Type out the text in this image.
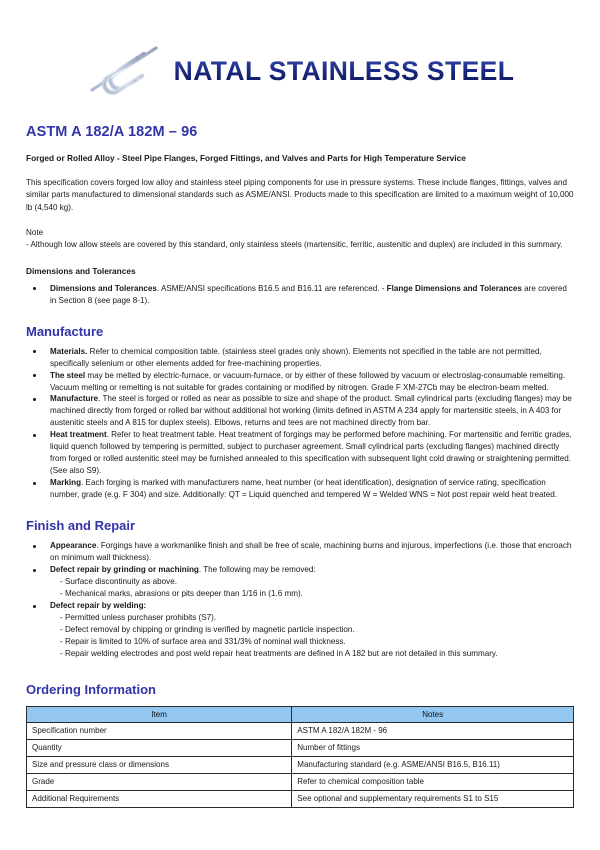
NATAL STAINLESS STEEL
ASTM A 182/A 182M – 96
Forged or Rolled Alloy - Steel Pipe Flanges, Forged Fittings, and Valves and Parts for High Temperature Service

This specification covers forged low alloy and stainless steel piping components for use in pressure systems. These include flanges, fittings, valves and similar parts manufactured to dimensional standards such as ASME/ANSI. Products made to this specification are limited to a maximum weight of 10,000 lb (4,540 kg).

Note
- Although low allow steels are covered by this standard, only stainless steels (martensitic, ferritic, austenitic and duplex) are included in this summary.
Dimensions and Tolerances
Dimensions and Tolerances. ASME/ANSI specifications B16.5 and B16.11 are referenced. - Flange Dimensions and Tolerances are covered in Section 8 (see page 8-1).
Manufacture
Materials. Refer to chemical composition table. (stainless steel grades only shown). Elements not specified in the table are not permitted, specifically selenium or other elements added for free-machining properties.
The steel may be melted by electric-furnace, or vacuum-furnace, or by either of these followed by vacuum or electroslag-consumable remelting. Vacuum melting or remelting is not suitable for grades containing or modified by nitrogen. Grade F XM-27Cb may be electron-beam melted.
Manufacture. The steel is forged or rolled as near as possible to size and shape of the product. Small cylindrical parts (excluding flanges) may be machined directly from forged or rolled bar without additional hot working (limits defined in ASTM A 234 apply for martensitic steels, in A 403 for austenitic steels and A 815 for duplex steels). Elbows, returns and tees are not machined directly from bar.
Heat treatment. Refer to heat treatment table. Heat treatment of forgings may be performed before machining. For martensitic and ferritic grades, liquid quench followed by tempering is permitted, subject to purchaser agreement. Small cylindrical parts (excluding flanges) machined directly from forged or rolled austenitic steel may be furnished annealed to this specification with subsequent light cold drawing or straightening permitted. (See also S9).
Marking. Each forging is marked with manufacturers name, heat number (or heat identification), designation of service rating, specification number, grade (e.g. F 304) and size. Additionally: QT = Liquid quenched and tempered W = Welded WNS = Not post repair weld heat treated.
Finish and Repair
Appearance. Forgings have a workmanlike finish and shall be free of scale, machining burns and injurous, imperfections (i.e. those that encroach on minimum wall thickness).
Defect repair by grinding or machining. The following may be removed:
- Surface discontinuity as above.
- Mechanical marks, abrasions or pits deeper than 1/16 in (1.6 mm).
Defect repair by welding:
- Permitted unless purchaser prohibits (S7).
- Defect removal by chipping or grinding is verified by magnetic particle inspection.
- Repair is limited to 10% of surface area and 331/3% of nominal wall thickness.
- Repair welding electrodes and post weld repair heat treatments are defined in A 182 but are not detailed in this summary.
Ordering Information
Item	Notes
Specification number	ASTM A 182/A 182M - 96
Quantity	Number of fittings
Size and pressure class or dimensions	Manufacturing standard (e.g. ASME/ANSI B16.5, B16.11)
Grade	Refer to chemical composition table
Additional Requirements	See optional and supplementary requirements S1 to S15
